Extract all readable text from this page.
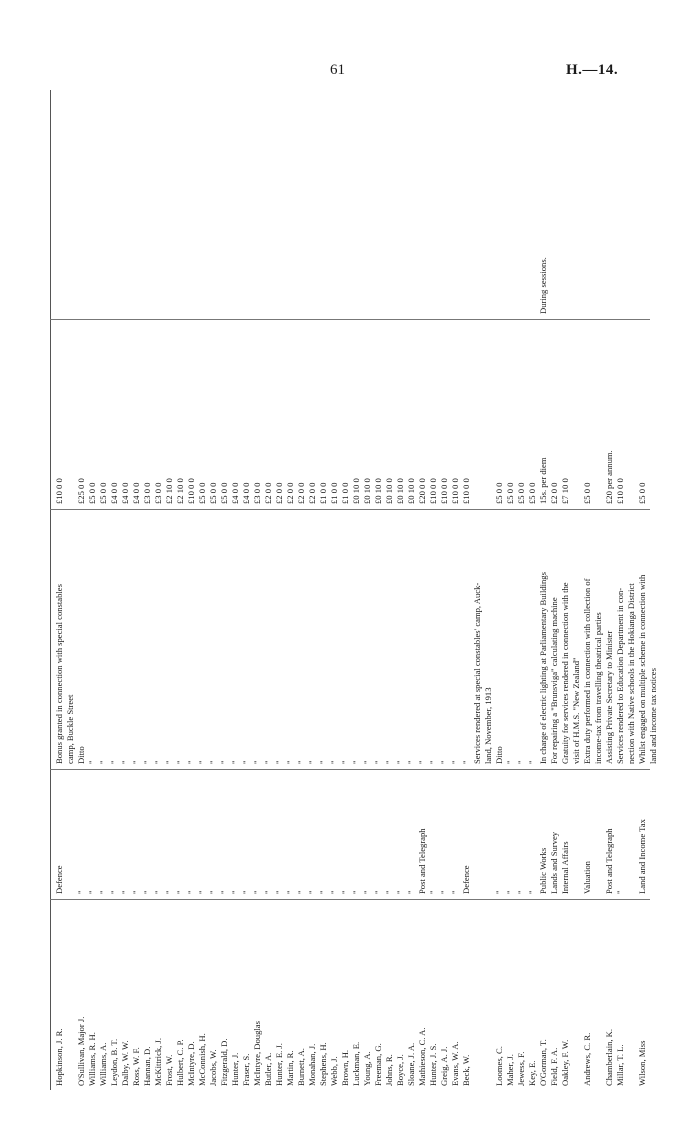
61	H.—14.
Hopkinson, J. R.
Defence
Bonus granted in connection with special constables
£10 0 0
camp, Buckle Street
O'Sullivan, Major J.
"
Ditto
£25 0 0
Williams, R. H.
"
"
£5 0 0
Williams, A.
"
"
£5 0 0
Leydon, B. T.
"
"
£4 0 0
Dalby, W. W.
"
"
£4 0 0
Ross, W. F.
"
"
£4 0 0
Hannan, D.
"
"
£3 0 0
McKittrick, J.
"
"
£3 0 0
Frost, W.
"
"
£2 10 0
Hulbert, C. P.
"
"
£2 10 0
McIntyre, D.
"
"
£10 0 0
McConnish, H.
"
"
£5 0 0
Jacobs, W.
"
"
£5 0 0
Fitzgerald, D.
"
"
£5 0 0
Hunter, J.
"
"
£4 0 0
Fraser, S.
"
"
£4 0 0
McIntyre, Douglas
"
"
£3 0 0
Butler, A.
"
"
£2 0 0
Hunter, E. J.
"
"
£2 0 0
Martin, R.
"
"
£2 0 0
Burnett, A.
"
"
£2 0 0
Monahan, J.
"
"
£2 0 0
Stephens, H.
"
"
£1 0 0
Webb, J.
"
"
£1 0 0
Brown, H.
"
"
£1 0 0
Luckman, E.
"
"
£0 10 0
Young, A.
"
"
£0 10 0
Freeman, G.
"
"
£0 10 0
Johns, R.
"
"
£0 10 0
Boyce, J.
"
"
£0 10 0
Sloane, J. A.
"
"
£0 10 0
Mathieson, C. A.
Post and Telegraph
"
£20 0 0
Hunter, J. S.
"
"
£10 0 0
Greig, A. J.
"
"
£10 0 0
Evans, W. A.
"
"
£10 0 0
Beck, W.
Defence
"
£10 0 0
Services rendered at special constables' camp, Auck- land, November, 1913
Loomes, C.
"
Ditto
£5 0 0
Maher, J.
"
"
£5 0 0
Jewess, F.
"
"
£5 0 0
Key, E.
"
"
£5 0 0
O'Gorman, T.
Public Works
In charge of electric lighting at Parliamentary Buildings
15s. per diem
During sessions.
Field, F. A.
Lands and Survey
For repairing a "Brunsviga" calculating machine
£2 0 0
Oakley, F. W.
Internal Affairs
Gratuity for services rendered in connection with the
£7 10 0
visit of H.M.S. "New Zealand"
Andrews, C. R.
Valuation
Extra duty performed in connection with collection of
£5 0 0
income-tax from travelling theatrical parties
Chamberlain, K.
Post and Telegraph
Assisting Private Secretary to Minister
£20 per annum.
Millar, T. L.
"
Services rendered to Education Department in con-
£10 0 0
nection with Native schools in the Hokianga District
Wilson, Miss
Land and Income Tax
Whilst engaged on multiple scheme in connection with
£5 0 0
land and income tax notices
